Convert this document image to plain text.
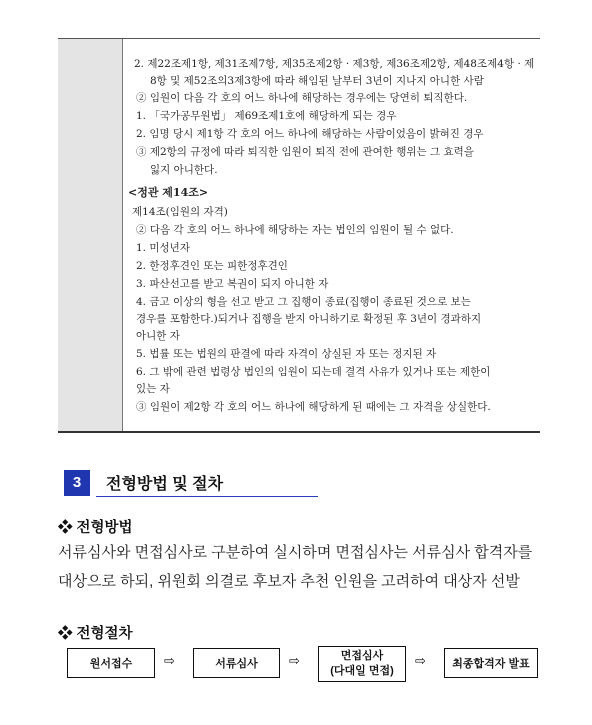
2. 제22조제1항, 제31조제7항, 제35조제2항 · 제3항, 제36조제2항, 제48조제4항 · 제
8항 및 제52조의3제3항에 따라 해임된 날부터 3년이 지나지 아니한 사람
② 임원이 다음 각 호의 어느 하나에 해당하는 경우에는 당연히 퇴직한다.
1. 「국가공무원법」 제69조제1호에 해당하게 되는 경우
2. 임명 당시 제1항 각 호의 어느 하나에 해당하는 사람이었음이 밝혀진 경우
③ 제2항의 규정에 따라 퇴직한 임원이 퇴직 전에 관여한 행위는 그 효력을
잃지 아니한다.
<정관 제14조>
제14조(임원의 자격)
② 다음 각 호의 어느 하나에 해당하는 자는 법인의 임원이 될 수 없다.
1. 미성년자
2. 한정후견인 또는 피한정후견인
3. 파산선고를 받고 복권이 되지 아니한 자
4. 금고 이상의 형을 선고 받고 그 집행이 종료(집행이 종료된 것으로 보는
경우를 포함한다.)되거나 집행을 받지 아니하기로 확정된 후 3년이 경과하지
아니한 자
5. 법률 또는 법원의 판결에 따라 자격이 상실된 자 또는 정지된 자
6. 그 밖에 관련 법령상 법인의 임원이 되는데 결격 사유가 있거나 또는 제한이
있는 자
③ 임원이 제2항 각 호의 어느 하나에 해당하게 된 때에는 그 자격을 상실한다.
3	전형방법 및 절차
❖ 전형방법
서류심사와 면접심사로 구분하여 실시하며 면접심사는 서류심사 합격자를
대상으로 하되, 위원회 의결로 후보자 추천 인원을 고려하여 대상자 선발
❖ 전형절차
원서접수	⇨	서류심사	⇨	면접심사
(다대일 면접)
⇨	최종합격자 발표
